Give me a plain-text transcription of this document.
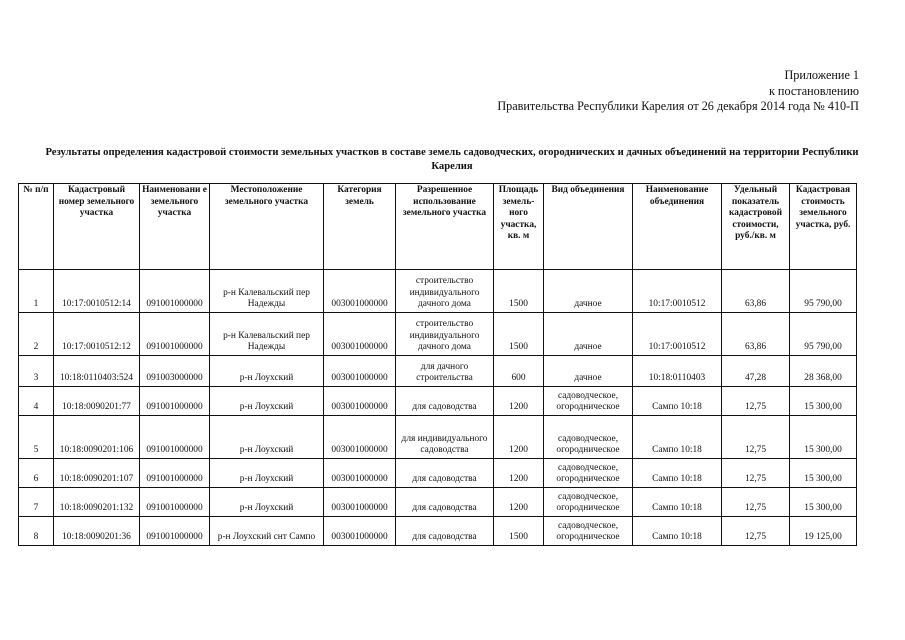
Приложение 1
к постановлению
Правительства Республики Карелия от 26 декабря 2014 года № 410-П
Результаты определения кадастровой стоимости земельных участков в составе земель садоводческих, огороднических и дачных объединений на территории Республики Карелия
№ п/п	Кадастровый номер земельного участка	Наименовани е земельного участка	Местоположение земельного участка	Категория земель	Разрешенное использование земельного участка	Площадь земель-ного участка, кв. м	Вид объединения	Наименование объединения	Удельный показатель кадастровой стоимости, руб./кв. м	Кадастровая стоимость земельного участка, руб.
1	10:17:0010512:14	091001000000	р-н Калевальский пер Надежды	003001000000	строительство индивидуального дачного дома	1500	дачное	10:17:0010512	63,86	95 790,00
2	10:17:0010512:12	091001000000	р-н Калевальский пер Надежды	003001000000	строительство индивидуального дачного дома	1500	дачное	10:17:0010512	63,86	95 790,00
3	10:18:0110403:524	091003000000	р-н Лоухский	003001000000	для дачного строительства	600	дачное	10:18:0110403	47,28	28 368,00
4	10:18:0090201:77	091001000000	р-н Лоухский	003001000000	для садоводства	1200	садоводческое, огородническое	Сампо 10:18	12,75	15 300,00
5	10:18:0090201:106	091001000000	р-н Лоухский	003001000000	для индивидуального садоводства	1200	садоводческое, огородническое	Сампо 10:18	12,75	15 300,00
6	10:18:0090201:107	091001000000	р-н Лоухский	003001000000	для садоводства	1200	садоводческое, огородническое	Сампо 10:18	12,75	15 300,00
7	10:18:0090201:132	091001000000	р-н Лоухский	003001000000	для садоводства	1200	садоводческое, огородническое	Сампо 10:18	12,75	15 300,00
8	10:18:0090201:36	091001000000	р-н Лоухский снт Сампо	003001000000	для садоводства	1500	садоводческое, огородническое	Сампо 10:18	12,75	19 125,00
